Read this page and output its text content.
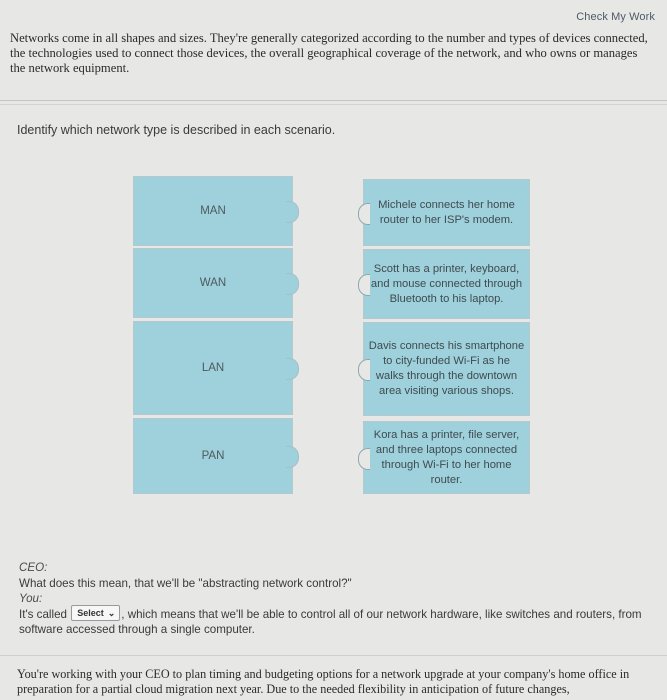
Check My Work
Networks come in all shapes and sizes. They're generally categorized according to the number and types of devices connected, the technologies used to connect those devices, the overall geographical coverage of the network, and who owns or manages the network equipment.
Identify which network type is described in each scenario.
MAN
WAN
LAN
PAN
Michele connects her home router to her ISP's modem.
Scott has a printer, keyboard, and mouse connected through Bluetooth to his laptop.
Davis connects his smartphone to city-funded Wi-Fi as he walks through the downtown area visiting various shops.
Kora has a printer, file server, and three laptops connected through Wi-Fi to her home router.
CEO:
What does this mean, that we'll be "abstracting network control?"
You:
It's called Select ⌄ , which means that we'll be able to control all of our network hardware, like switches and routers, from software accessed through a single computer.
You're working with your CEO to plan timing and budgeting options for a network upgrade at your company's home office in preparation for a partial cloud migration next year. Due to the needed flexibility in anticipation of future changes,
